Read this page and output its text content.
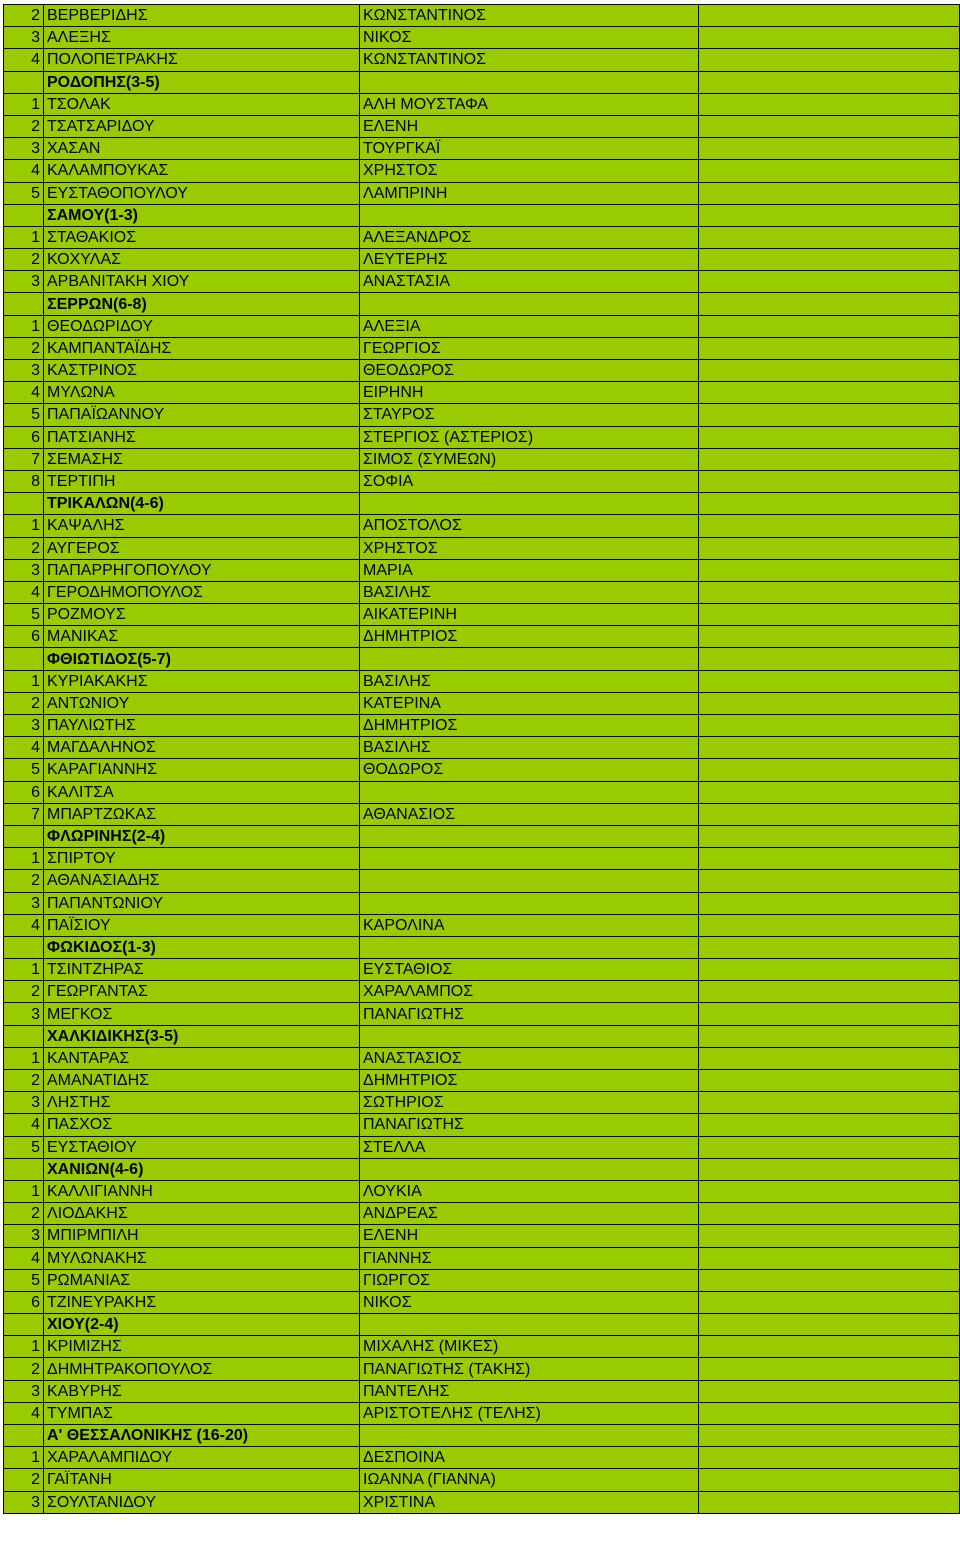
2	ΒΕΡΒΕΡΙΔΗΣ	ΚΩΝΣΤΑΝΤΙΝΟΣ	
3	ΑΛΕΞΗΣ	ΝΙΚΟΣ	
4	ΠΟΛΟΠΕΤΡΑΚΗΣ	ΚΩΝΣΤΑΝΤΙΝΟΣ	
	ΡΟΔΟΠΗΣ(3-5)		
1	ΤΣΟΛΑΚ	ΑΛΗ ΜΟΥΣΤΑΦΑ	
2	ΤΣΑΤΣΑΡΙΔΟΥ	ΕΛΕΝΗ	
3	ΧΑΣΑΝ	ΤΟΥΡΓΚΑΪ	
4	ΚΑΛΑΜΠΟΥΚΑΣ	ΧΡΗΣΤΟΣ	
5	ΕΥΣΤΑΘΟΠΟΥΛΟΥ	ΛΑΜΠΡΙΝΗ	
	ΣΑΜΟΥ(1-3)		
1	ΣΤΑΘΑΚΙΟΣ	ΑΛΕΞΑΝΔΡΟΣ	
2	ΚΟΧΥΛΑΣ	ΛΕΥΤΕΡΗΣ	
3	ΑΡΒΑΝΙΤΑΚΗ ΧΙΟΥ	ΑΝΑΣΤΑΣΙΑ	
	ΣΕΡΡΩΝ(6-8)		
1	ΘΕΟΔΩΡΙΔΟΥ	ΑΛΕΞΙΑ	
2	ΚΑΜΠΑΝΤΑΪΔΗΣ	ΓΕΩΡΓΙΟΣ	
3	ΚΑΣΤΡΙΝΟΣ	ΘΕΟΔΩΡΟΣ	
4	ΜΥΛΩΝΑ	ΕΙΡΗΝΗ	
5	ΠΑΠΑΪΩΑΝΝΟΥ	ΣΤΑΥΡΟΣ	
6	ΠΑΤΣΙΑΝΗΣ	ΣΤΕΡΓΙΟΣ (ΑΣΤΕΡΙΟΣ)	
7	ΣΕΜΑΣΗΣ	ΣΙΜΟΣ (ΣΥΜΕΩΝ)	
8	ΤΕΡΤΙΠΗ	ΣΟΦΙΑ	
	ΤΡΙΚΑΛΩΝ(4-6)		
1	ΚΑΨΑΛΗΣ	ΑΠΟΣΤΟΛΟΣ	
2	ΑΥΓΕΡΟΣ	ΧΡΗΣΤΟΣ	
3	ΠΑΠΑΡΡΗΓΟΠΟΥΛΟΥ	ΜΑΡΙΑ	
4	ΓΕΡΟΔΗΜΟΠΟΥΛΟΣ	ΒΑΣΙΛΗΣ	
5	ΡΟΖΜΟΥΣ	ΑΙΚΑΤΕΡΙΝΗ	
6	ΜΑΝΙΚΑΣ	ΔΗΜΗΤΡΙΟΣ	
	ΦΘΙΩΤΙΔΟΣ(5-7)		
1	ΚΥΡΙΑΚΑΚΗΣ	ΒΑΣΙΛΗΣ	
2	ΑΝΤΩΝΙΟΥ	ΚΑΤΕΡΙΝΑ	
3	ΠΑΥΛΙΩΤΗΣ	ΔΗΜΗΤΡΙΟΣ	
4	ΜΑΓΔΑΛΗΝΟΣ	ΒΑΣΙΛΗΣ	
5	ΚΑΡΑΓΙΑΝΝΗΣ	ΘΟΔΩΡΟΣ	
6	ΚΑΛΙΤΣΑ		
7	ΜΠΑΡΤΖΩΚΑΣ	ΑΘΑΝΑΣΙΟΣ	
	ΦΛΩΡΙΝΗΣ(2-4)		
1	ΣΠΙΡΤΟΥ		
2	ΑΘΑΝΑΣΙΑΔΗΣ		
3	ΠΑΠΑΝΤΩΝΙΟΥ		
4	ΠΑΪΣΙΟΥ	ΚΑΡΟΛΙΝΑ	
	ΦΩΚΙΔΟΣ(1-3)		
1	ΤΣΙΝΤΖΗΡΑΣ	ΕΥΣΤΑΘΙΟΣ	
2	ΓΕΩΡΓΑΝΤΑΣ	ΧΑΡΑΛΑΜΠΟΣ	
3	ΜΕΓΚΟΣ	ΠΑΝΑΓΙΩΤΗΣ	
	ΧΑΛΚΙΔΙΚΗΣ(3-5)		
1	ΚΑΝΤΑΡΑΣ	ΑΝΑΣΤΑΣΙΟΣ	
2	ΑΜΑΝΑΤΙΔΗΣ	ΔΗΜΗΤΡΙΟΣ	
3	ΛΗΣΤΗΣ	ΣΩΤΗΡΙΟΣ	
4	ΠΑΣΧΟΣ	ΠΑΝΑΓΙΩΤΗΣ	
5	ΕΥΣΤΑΘΙΟΥ	ΣΤΕΛΛΑ	
	ΧΑΝΙΩΝ(4-6)		
1	ΚΑΛΛΙΓΙΑΝΝΗ	ΛΟΥΚΙΑ	
2	ΛΙΟΔΑΚΗΣ	ΑΝΔΡΕΑΣ	
3	ΜΠΙΡΜΠΙΛΗ	ΕΛΕΝΗ	
4	ΜΥΛΩΝΑΚΗΣ	ΓΙΑΝΝΗΣ	
5	ΡΩΜΑΝΙΑΣ	ΓΙΩΡΓΟΣ	
6	ΤΖΙΝΕΥΡΑΚΗΣ	ΝΙΚΟΣ	
	ΧΙΟΥ(2-4)		
1	ΚΡΙΜΙΖΗΣ	ΜΙΧΑΛΗΣ (ΜΙΚΕΣ)	
2	ΔΗΜΗΤΡΑΚΟΠΟΥΛΟΣ	ΠΑΝΑΓΙΩΤΗΣ (ΤΑΚΗΣ)	
3	ΚΑΒΥΡΗΣ	ΠΑΝΤΕΛΗΣ	
4	ΤΥΜΠΑΣ	ΑΡΙΣΤΟΤΕΛΗΣ (ΤΕΛΗΣ)	
	Α' ΘΕΣΣΑΛΟΝΙΚΗΣ (16-20)		
1	ΧΑΡΑΛΑΜΠΙΔΟΥ	ΔΕΣΠΟΙΝΑ	
2	ΓΑΪΤΑΝΗ	ΙΩΑΝΝΑ (ΓΙΑΝΝΑ)	
3	ΣΟΥΛΤΑΝΙΔΟΥ	ΧΡΙΣΤΙΝΑ	
